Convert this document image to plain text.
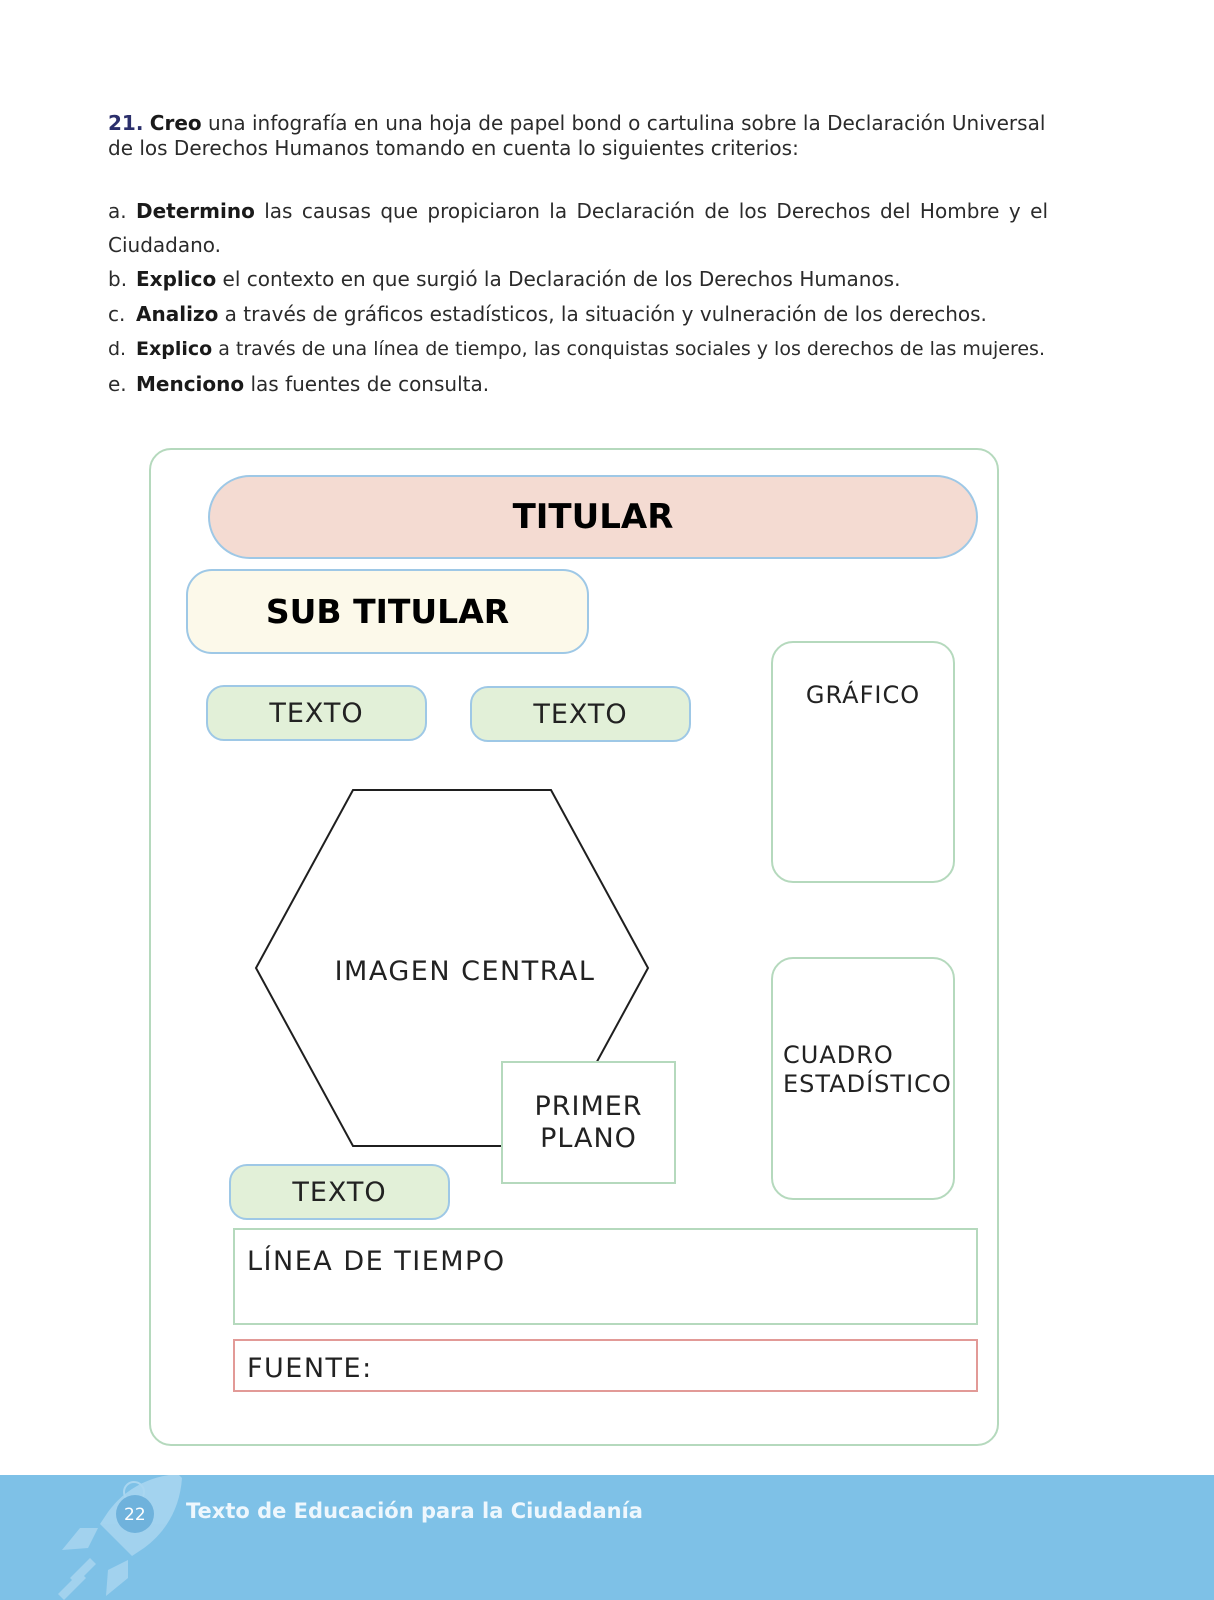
21. Creo una infografía en una hoja de papel bond o cartulina sobre la Declaración Universal de los Derechos Humanos tomando en cuenta lo siguientes criterios:
a. Determino las causas que propiciaron la Declaración de los Derechos del Hombre y el Ciudadano.
b. Explico el contexto en que surgió la Declaración de los Derechos Humanos.
c. Analizo a través de gráficos estadísticos, la situación y vulneración de los derechos.
d. Explico a través de una línea de tiempo, las conquistas sociales y los derechos de las mujeres.
e. Menciono las fuentes de consulta.
TITULAR
SUB TITULAR
TEXTO	TEXTO
GRÁFICO
CUADRO
ESTADÍSTICO
IMAGEN CENTRAL
PRIMER
PLANO
TEXTO
LÍNEA DE TIEMPO
FUENTE:
22 Texto de Educación para la Ciudadanía
